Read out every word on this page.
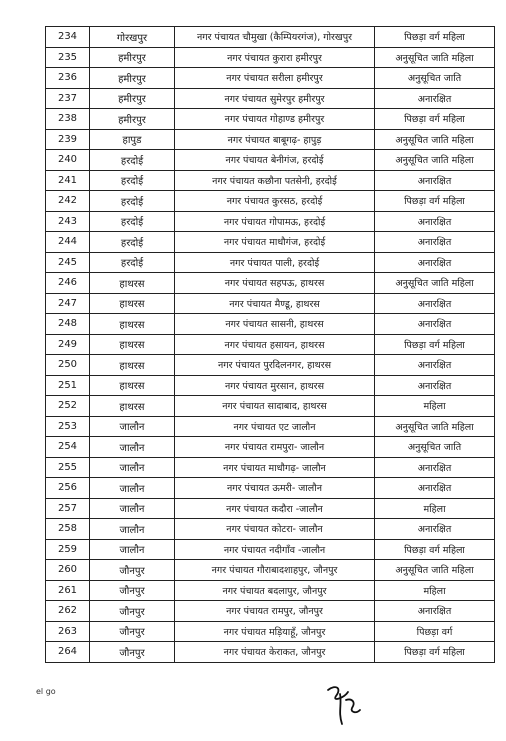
234	गोरखपुर	नगर पंचायत चौमुखा (कैम्पियरगंज), गोरखपुर	पिछड़ा वर्ग महिला
235	हमीरपुर	नगर पंचायत कुरारा हमीरपुर	अनुसूचित जाति महिला
236	हमीरपुर	नगर पंचायत सरीला हमीरपुर	अनुसूचित जाति
237	हमीरपुर	नगर पंचायत सुमेरपुर हमीरपुर	अनारक्षित
238	हमीरपुर	नगर पंचायत गोहाण्ड हमीरपुर	पिछड़ा वर्ग महिला
239	हापुड	नगर पंचायत बाबूगढ़- हापुड़	अनुसूचित जाति महिला
240	हरदोई	नगर पंचायत बेनीगंज, हरदोई	अनुसूचित जाति महिला
241	हरदोई	नगर पंचायत कछौना पतसेनी, हरदोई	अनारक्षित
242	हरदोई	नगर पंचायत कुरसठ, हरदोई	पिछड़ा वर्ग महिला
243	हरदोई	नगर पंचायत गोपामऊ, हरदोई	अनारक्षित
244	हरदोई	नगर पंचायत माधौगंज, हरदोई	अनारक्षित
245	हरदोई	नगर पंचायत पाली, हरदोई	अनारक्षित
246	हाथरस	नगर पंचायत सहपऊ, हाथरस	अनुसूचित जाति महिला
247	हाथरस	नगर पंचायत मैण्डू, हाथरस	अनारक्षित
248	हाथरस	नगर पंचायत सासनी, हाथरस	अनारक्षित
249	हाथरस	नगर पंचायत हसायन, हाथरस	पिछड़ा वर्ग महिला
250	हाथरस	नगर पंचायत पुरदिलनगर, हाथरस	अनारक्षित
251	हाथरस	नगर पंचायत मुरसान, हाथरस	अनारक्षित
252	हाथरस	नगर पंचायत सादाबाद, हाथरस	महिला
253	जालौन	नगर पंचायत एट जालौन	अनुसूचित जाति महिला
254	जालौन	नगर पंचायत रामपुरा- जालौन	अनुसूचित जाति
255	जालौन	नगर पंचायत माधौगढ़- जालौन	अनारक्षित
256	जालौन	नगर पंचायत ऊमरी- जालौन	अनारक्षित
257	जालौन	नगर पंचायत कदौरा -जालौन	महिला
258	जालौन	नगर पंचायत कोटरा- जालौन	अनारक्षित
259	जालौन	नगर पंचायत नदीगाँव -जालौन	पिछड़ा वर्ग महिला
260	जौनपुर	नगर पंचायत गौराबादशाहपुर, जौनपुर	अनुसूचित जाति महिला
261	जौनपुर	नगर पंचायत बदलापुर, जौनपुर	महिला
262	जौनपुर	नगर पंचायत रामपुर, जौनपुर	अनारक्षित
263	जौनपुर	नगर पंचायत मड़ियाहूँ, जौनपुर	पिछड़ा वर्ग
264	जौनपुर	नगर पंचायत केराकत, जौनपुर	पिछड़ा वर्ग महिला
el go
